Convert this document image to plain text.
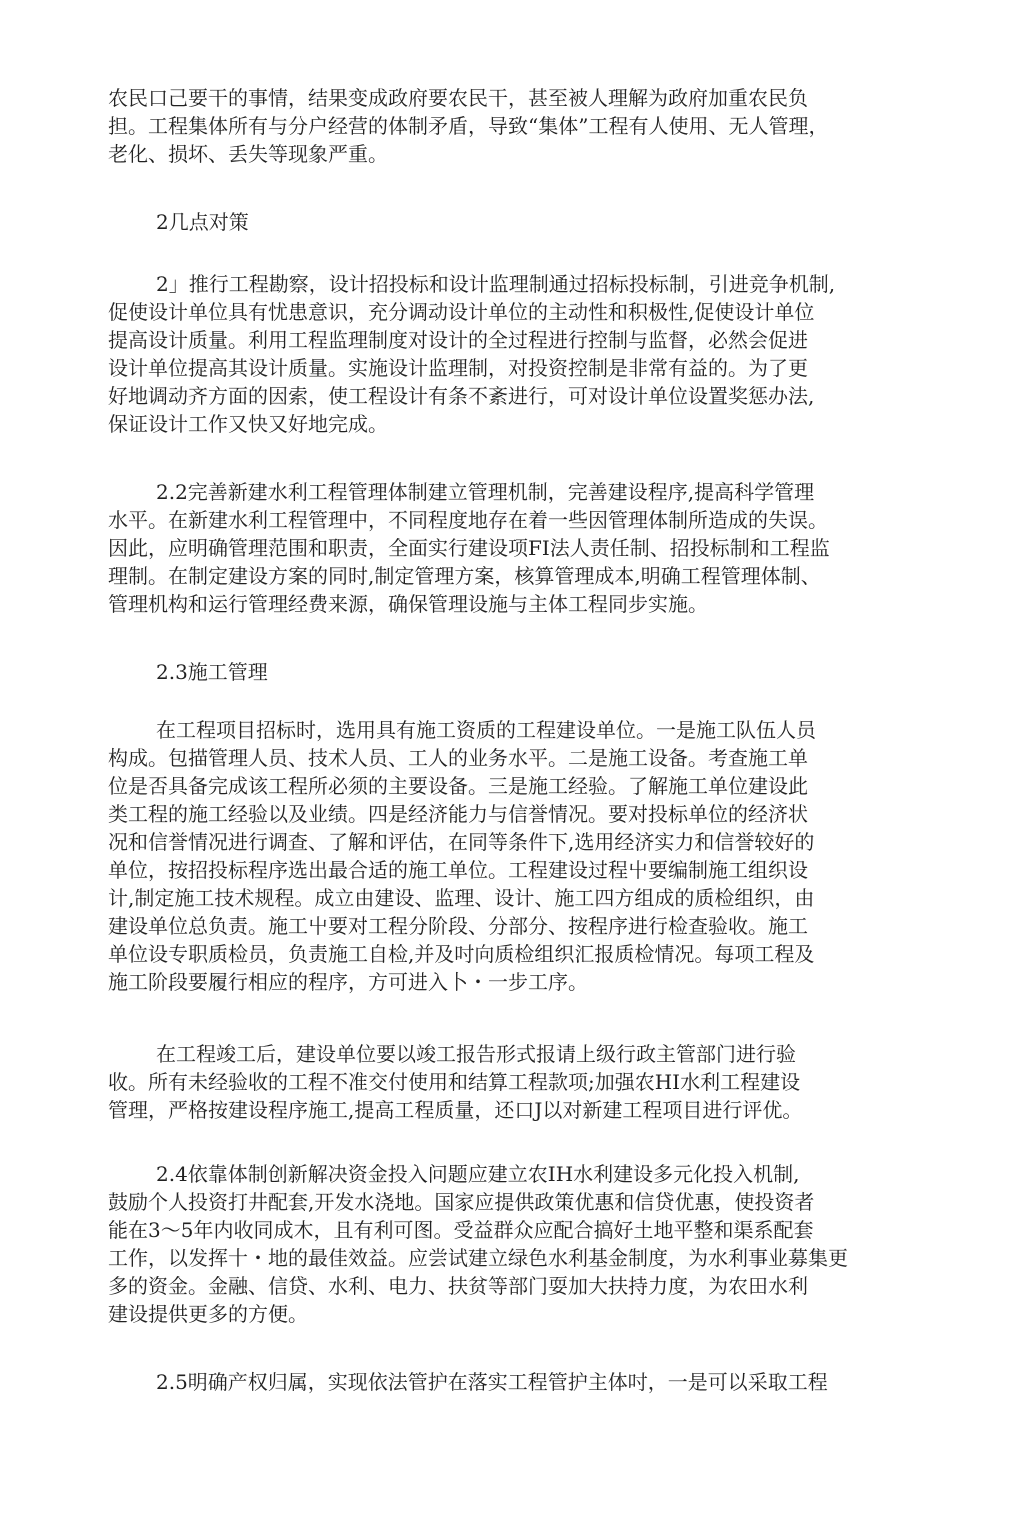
农民口己要干的事情，结果变成政府要农民干，甚至被人理解为政府加重农民负
担。工程集体所有与分户经营的体制矛盾，导致“集体”工程有人使用、无人管理，
老化、损坏、丢失等现象严重。

2几点对策

2」推行工程勘察，设计招投标和设计监理制通过招标投标制，引进竞争机制,
促使设计单位具有忧患意识，充分调动设计单位的主动性和积极性,促使设计单位
提高设计质量。利用工程监理制度对设计的全过程进行控制与监督，必然会促进
设计单位提高其设计质量。实施设计监理制，对投资控制是非常有益的。为了更
好地调动齐方面的因索，使工程设计有条不紊进行，可对设计单位设置奖惩办法,
保证设计工作又快又好地完成。

2.2完善新建水利工程管理体制建立管理机制，完善建设程序,提高科学管理
水平。在新建水利工程管理中，不同程度地存在着一些因管理体制所造成的失误。
因此，应明确管理范围和职责，全面实行建设项FI法人责任制、招投标制和工程监
理制。在制定建设方案的同时,制定管理方案，核算管理成本,明确工程管理体制、
管理机构和运行管理经费来源，确保管理设施与主体工程同步实施。

2.3施工管理

在工程项目招标时，选用具有施工资质的工程建设单位。一是施工队伍人员
构成。包描管理人员、技术人员、工人的业务水平。二是施工设备。考查施工单
位是否具备完成该工程所必须的主要设备。三是施工经验。了解施工单位建设此
类工程的施工经验以及业绩。四是经济能力与信誉情况。要对投标单位的经济状
况和信誉情况进行调查、了解和评估，在同等条件下,选用经济实力和信誉较好的
单位，按招投标程序选出最合适的施工单位。工程建设过程屮要编制施工组织设
计,制定施工技术规程。成立由建设、监理、设计、施工四方组成的质检组织，由
建设单位总负责。施工屮要对工程分阶段、分部分、按程序进行检查验收。施工
单位设专职质检员，负责施工自检,并及吋向质检组织汇报质检情况。每项工程及
施工阶段要履行相应的程序，方可进入卜・一步工序。

在工程竣工后，建设单位要以竣工报告形式报请上级行政主管部门进行验
收。所有未经验收的工程不准交付使用和结算工程款项;加强农HI水利工程建设
管理，严格按建设程序施工,提高工程质量，还口J以对新建工程项目进行评优。

2.4依靠体制创新解决资金投入问题应建立农IH水利建设多元化投入机制,
鼓励个人投资打井配套,开发水浇地。国家应提供政策优惠和信贷优惠，使投资者
能在3〜5年内收同成木，且有利可图。受益群众应配合搞好土地平整和渠系配套
工作，以发挥十・地的最佳效益。应尝试建立绿色水利基金制度，为水利事业募集更
多的资金。金融、信贷、水利、电力、扶贫等部门耍加大扶持力度，为农田水利
建设提供更多的方便。

2.5明确产权归属，实现依法管护在落实工程管护主体吋，一是可以采取工程
